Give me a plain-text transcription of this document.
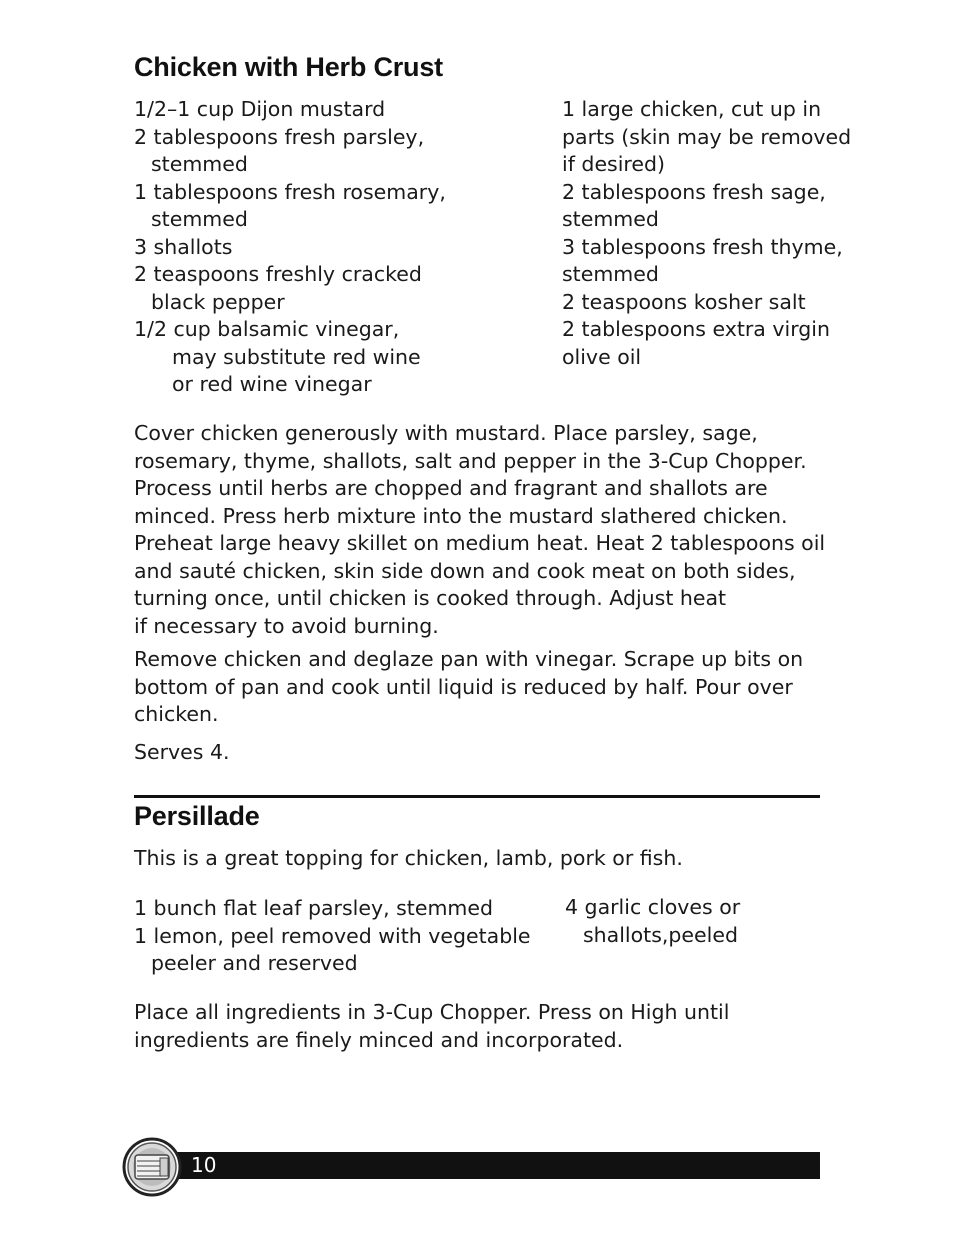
Chicken with Herb Crust
1/2–1 cup Dijon mustard
2 tablespoons fresh parsley,
stemmed
1 tablespoons fresh rosemary,
stemmed
3 shallots
2 teaspoons freshly cracked
black pepper
1/2 cup balsamic vinegar,
may substitute red wine
or red wine vinegar
1 large chicken, cut up in
parts (skin may be removed
if desired)
2 tablespoons fresh sage,
stemmed
3 tablespoons fresh thyme,
stemmed
2 teaspoons kosher salt
2 tablespoons extra virgin
olive oil
Cover chicken generously with mustard. Place parsley, sage,
rosemary, thyme, shallots, salt and pepper in the 3-Cup Chopper.
Process until herbs are chopped and fragrant and shallots are
minced. Press herb mixture into the mustard slathered chicken.
Preheat large heavy skillet on medium heat. Heat 2 tablespoons oil
and sauté chicken, skin side down and cook meat on both sides,
turning once, until chicken is cooked through. Adjust heat
if necessary to avoid burning.
Remove chicken and deglaze pan with vinegar. Scrape up bits on
bottom of pan and cook until liquid is reduced by half. Pour over
chicken.
Serves 4.
Persillade
This is a great topping for chicken, lamb, pork or fish.
1 bunch flat leaf parsley, stemmed
1 lemon, peel removed with vegetable
peeler and reserved
4 garlic cloves or
shallots,peeled
Place all ingredients in 3-Cup Chopper. Press on High until
ingredients are finely minced and incorporated.
10
